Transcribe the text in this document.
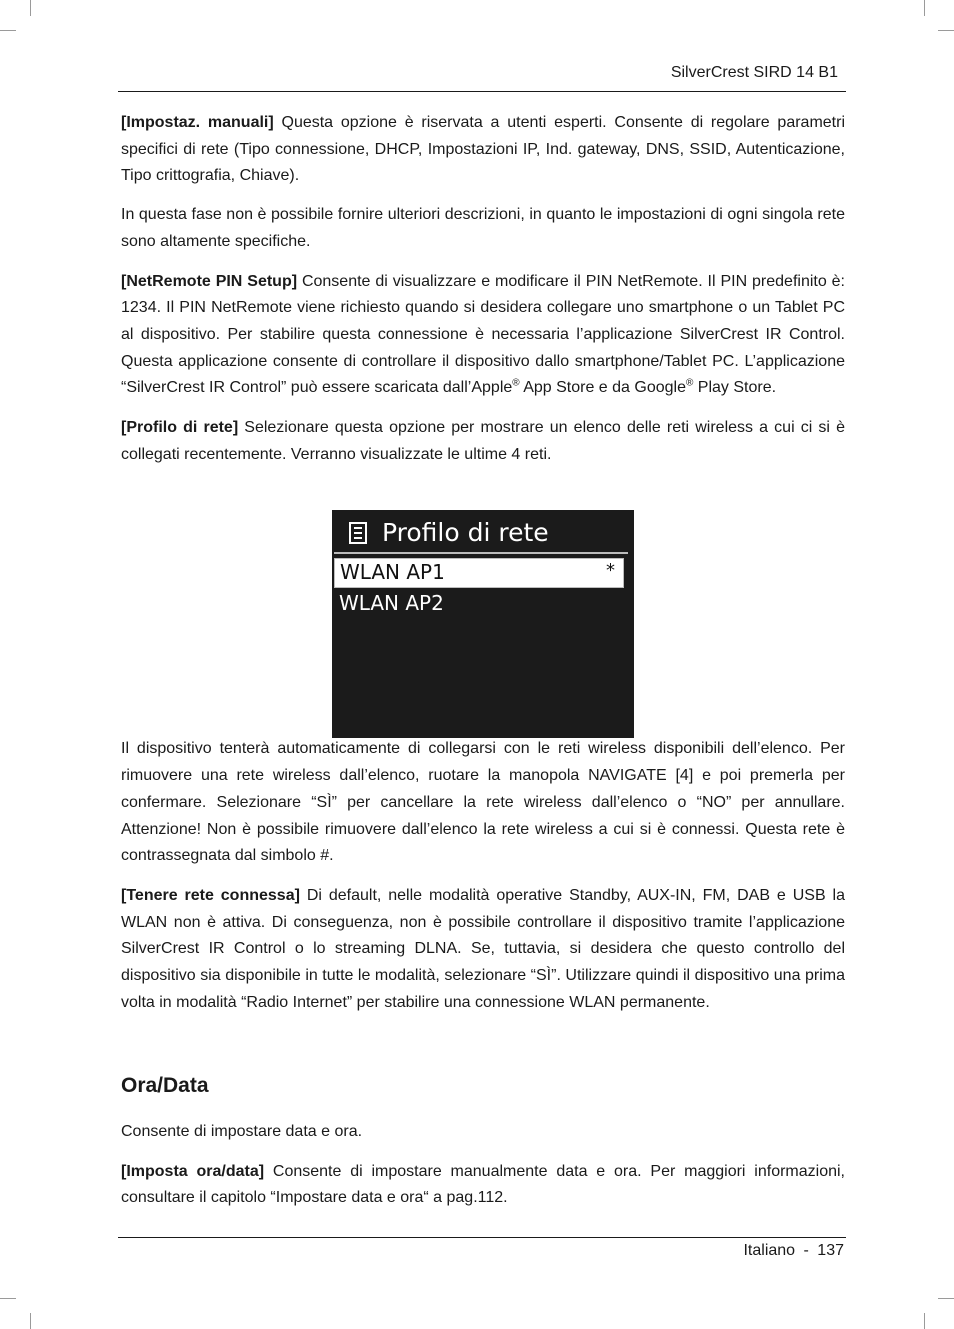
SilverCrest SIRD 14 B1

[Impostaz. manuali] Questa opzione è riservata a utenti esperti. Consente di regolare parametri specifici di rete (Tipo connessione, DHCP, Impostazioni IP, Ind. gateway, DNS, SSID, Autenticazione, Tipo crittografia, Chiave).

In questa fase non è possibile fornire ulteriori descrizioni, in quanto le impostazioni di ogni singola rete sono altamente specifiche.

[NetRemote PIN Setup] Consente di visualizzare e modificare il PIN NetRemote. Il PIN predefinito è: 1234. Il PIN NetRemote viene richiesto quando si desidera collegare uno smartphone o un Tablet PC al dispositivo. Per stabilire questa connessione è necessaria l’applicazione SilverCrest IR Control. Questa applicazione consente di controllare il dispositivo dallo smartphone/Tablet PC. L’applicazione “SilverCrest IR Control” può essere scaricata dall’Apple® App Store e da Google® Play Store.

[Profilo di rete] Selezionare questa opzione per mostrare un elenco delle reti wireless a cui ci si è collegati recentemente. Verranno visualizzate le ultime 4 reti.

Il dispositivo tenterà automaticamente di collegarsi con le reti wireless disponibili dell’elenco. Per rimuovere una rete wireless dall’elenco, ruotare la manopola NAVIGATE [4] e poi premerla per confermare. Selezionare “SÌ” per cancellare la rete wireless dall’elenco o “NO” per annullare. Attenzione! Non è possibile rimuovere dall’elenco la rete wireless a cui si è connessi. Questa rete è contrassegnata dal simbolo #.

[Tenere rete connessa] Di default, nelle modalità operative Standby, AUX-IN, FM, DAB e USB la WLAN non è attiva. Di conseguenza, non è possibile controllare il dispositivo tramite l’applicazione SilverCrest IR Control o lo streaming DLNA. Se, tuttavia, si desidera che questo controllo del dispositivo sia disponibile in tutte le modalità, selezionare “SÌ”. Utilizzare quindi il dispositivo una prima volta in modalità “Radio Internet” per stabilire una connessione WLAN permanente.

Profilo di rete
WLAN AP1	*
WLAN AP2
Ora/Data

Consente di impostare data e ora.

[Imposta ora/data] Consente di impostare manualmente data e ora. Per maggiori informazioni, consultare il capitolo “Impostare data e ora“ a pag.112.

Italiano - 137
